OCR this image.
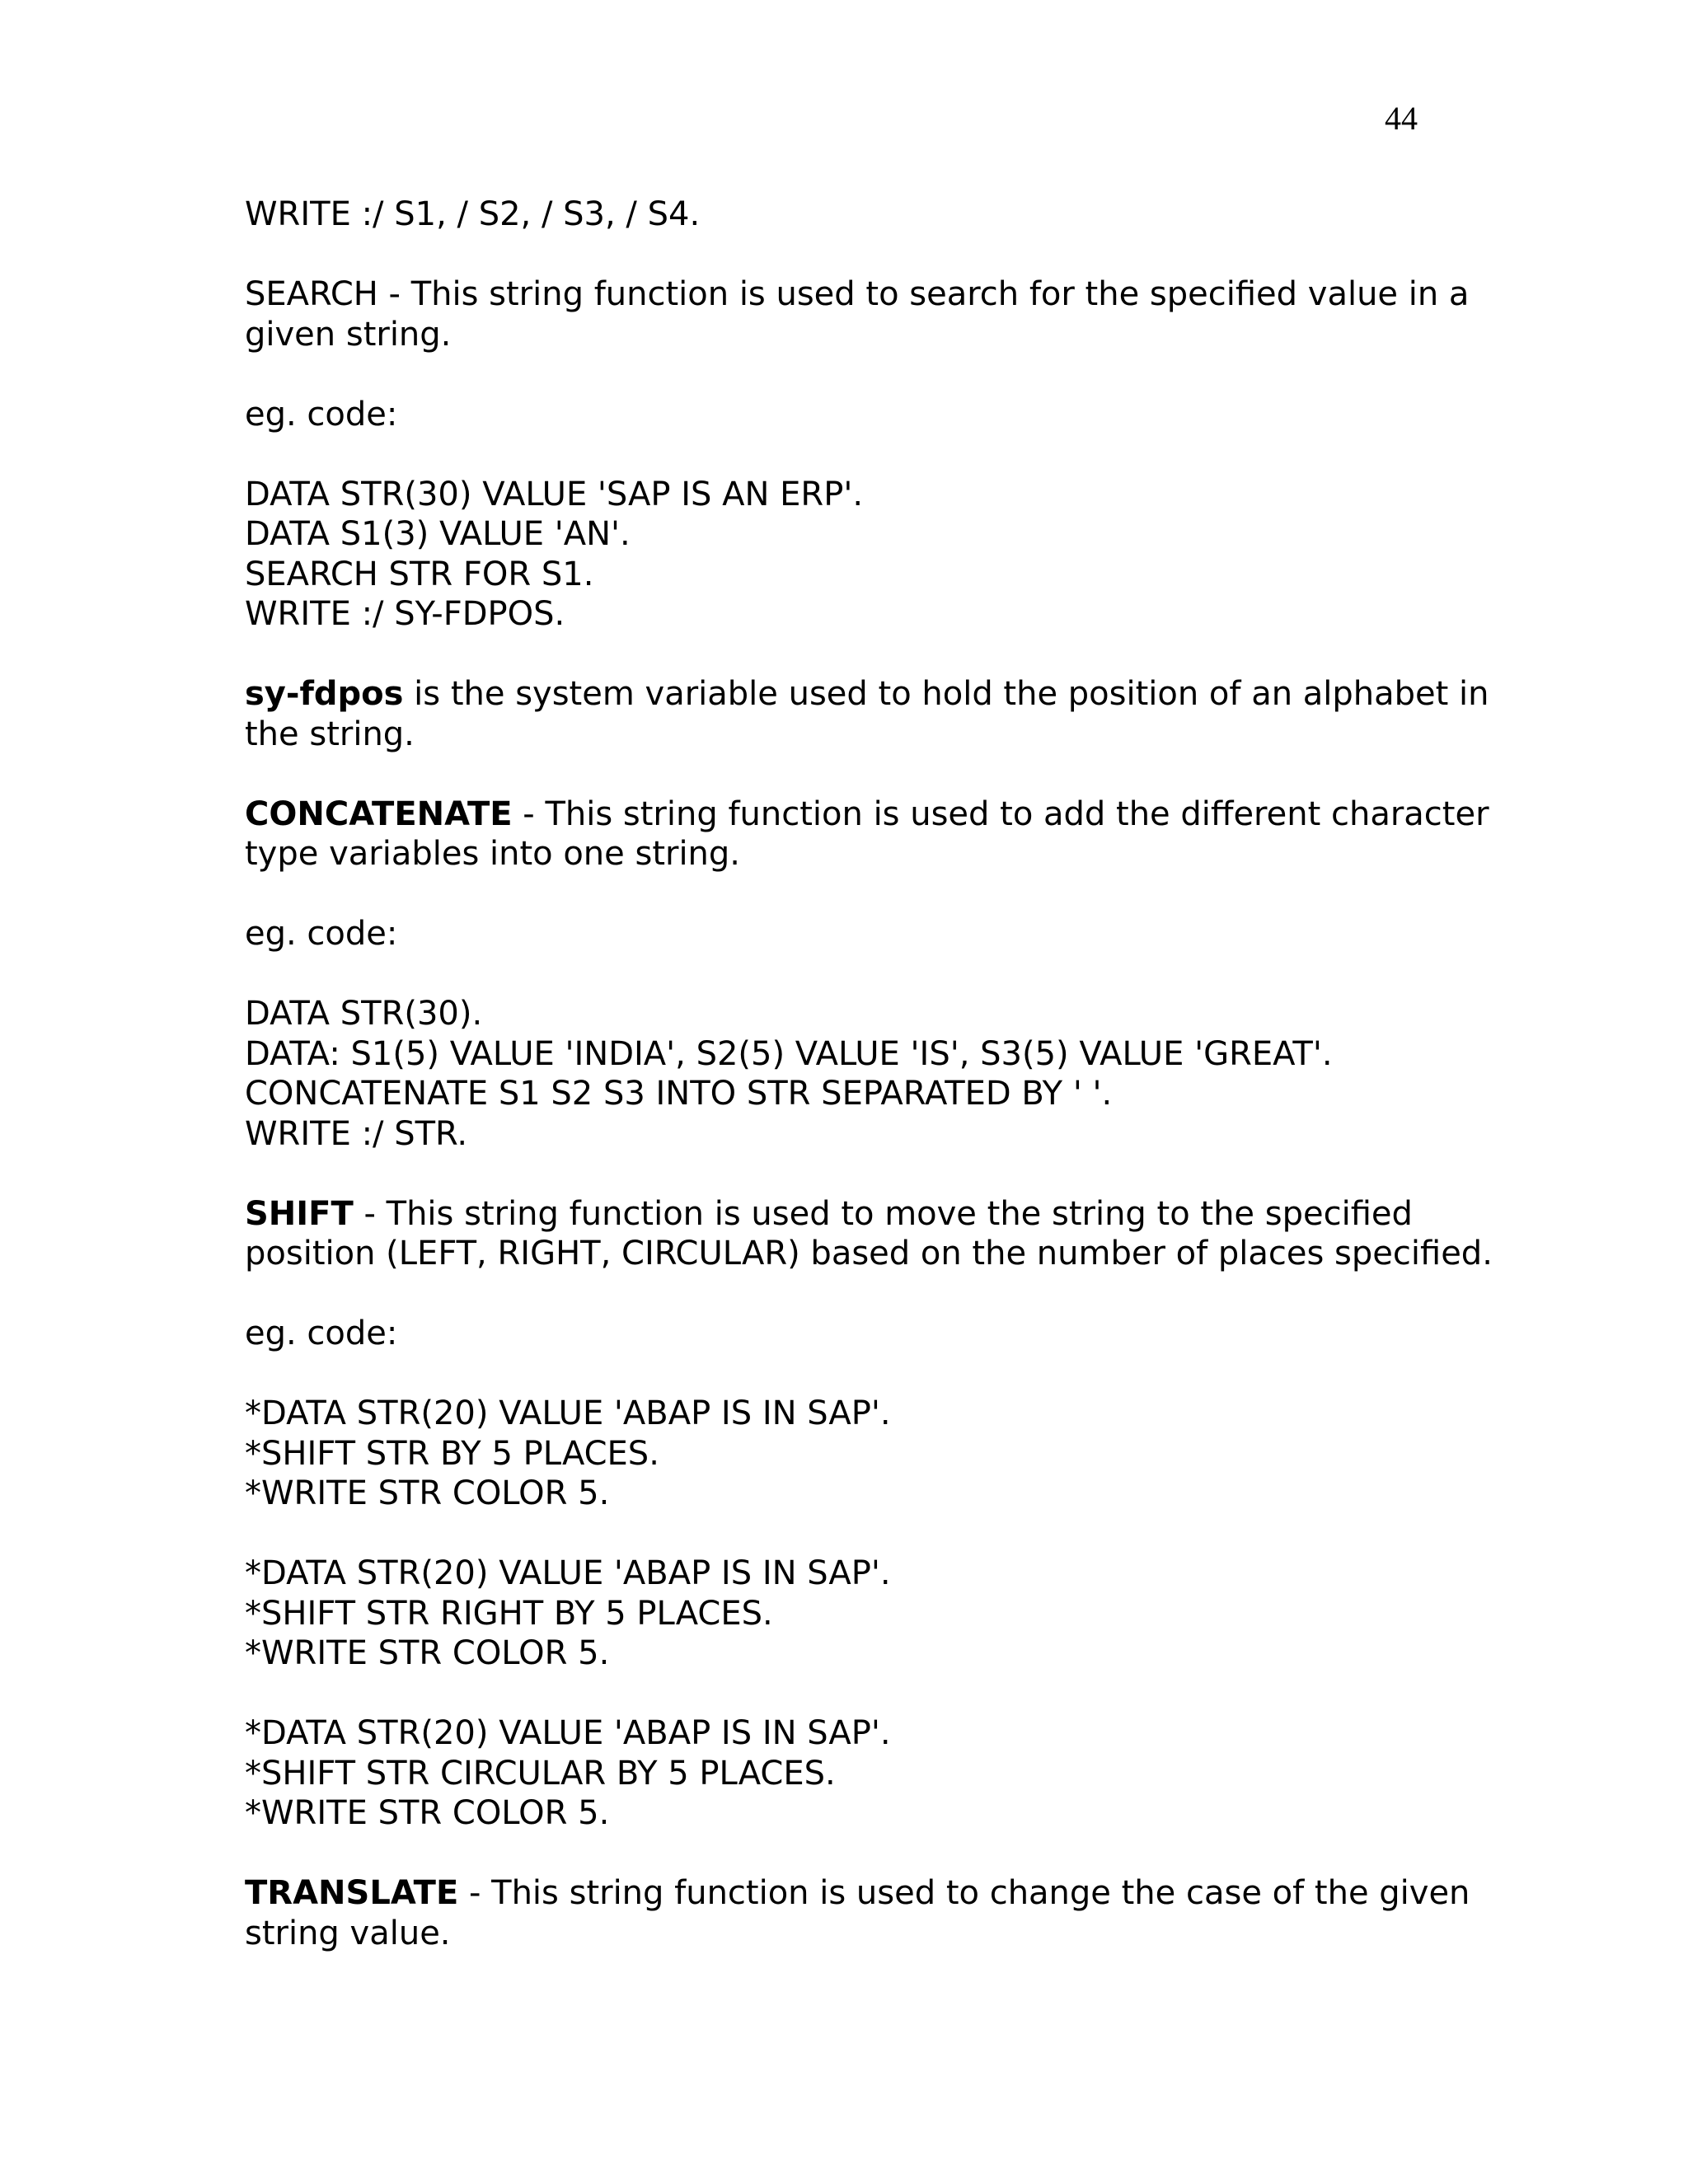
44
WRITE :/ S1, / S2, / S3, / S4.
SEARCH - This string function is used to search for the specified value in a given string.
eg. code:
DATA STR(30) VALUE 'SAP IS AN ERP'.
DATA S1(3) VALUE 'AN'.
SEARCH STR FOR S1.
WRITE :/ SY-FDPOS.
sy-fdpos is the system variable used to hold the position of an alphabet in the string.
CONCATENATE - This string function is used to add the different character type variables into one string.
eg. code:
DATA STR(30).
DATA: S1(5) VALUE 'INDIA', S2(5) VALUE 'IS', S3(5) VALUE 'GREAT'.
CONCATENATE S1 S2 S3 INTO STR SEPARATED BY ' '.
WRITE :/ STR.
SHIFT - This string function is used to move the string to the specified position (LEFT, RIGHT, CIRCULAR) based on the number of places specified.
eg. code:
*DATA STR(20) VALUE 'ABAP IS IN SAP'.
*SHIFT STR BY 5 PLACES.
*WRITE STR COLOR 5.
*DATA STR(20) VALUE 'ABAP IS IN SAP'.
*SHIFT STR RIGHT BY 5 PLACES.
*WRITE STR COLOR 5.
*DATA STR(20) VALUE 'ABAP IS IN SAP'.
*SHIFT STR CIRCULAR BY 5 PLACES.
*WRITE STR COLOR 5.
TRANSLATE - This string function is used to change the case of the given string value.
